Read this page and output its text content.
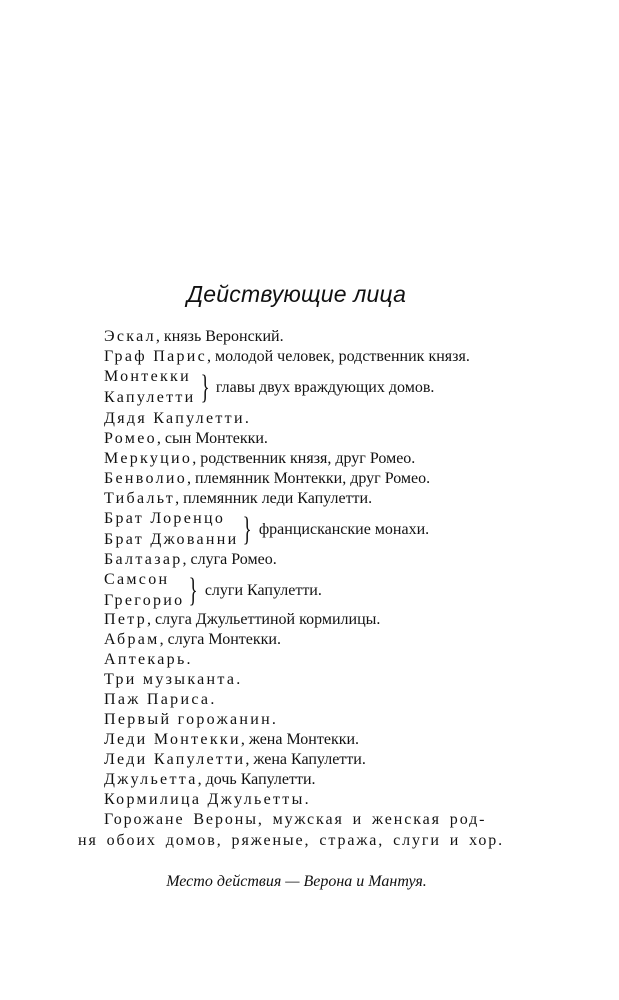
Действующие лица
Эскал, князь Веронский.
Граф Парис, молодой человек, родственник князя.
Монтекки
Капулетти } главы двух враждующих домов.
Дядя Капулетти.
Ромео, сын Монтекки.
Меркуцио, родственник князя, друг Ромео.
Бенволио, племянник Монтекки, друг Ромео.
Тибальт, племянник леди Капулетти.
Брат Лоренцо
Брат Джованни } францисканские монахи.
Балтазар, слуга Ромео.
Самсон
Грегорио } слуги Капулетти.
Петр, слуга Джульеттиной кормилицы.
Абрам, слуга Монтекки.
Аптекарь.
Три музыканта.
Паж Париса.
Первый горожанин.
Леди Монтекки, жена Монтекки.
Леди Капулетти, жена Капулетти.
Джульетта, дочь Капулетти.
Кормилица Джульетты.
Горожане Вероны, мужская и женская род-
ня обоих домов, ряженые, стража, слуги и хор.
Место действия — Верона и Мантуя.
